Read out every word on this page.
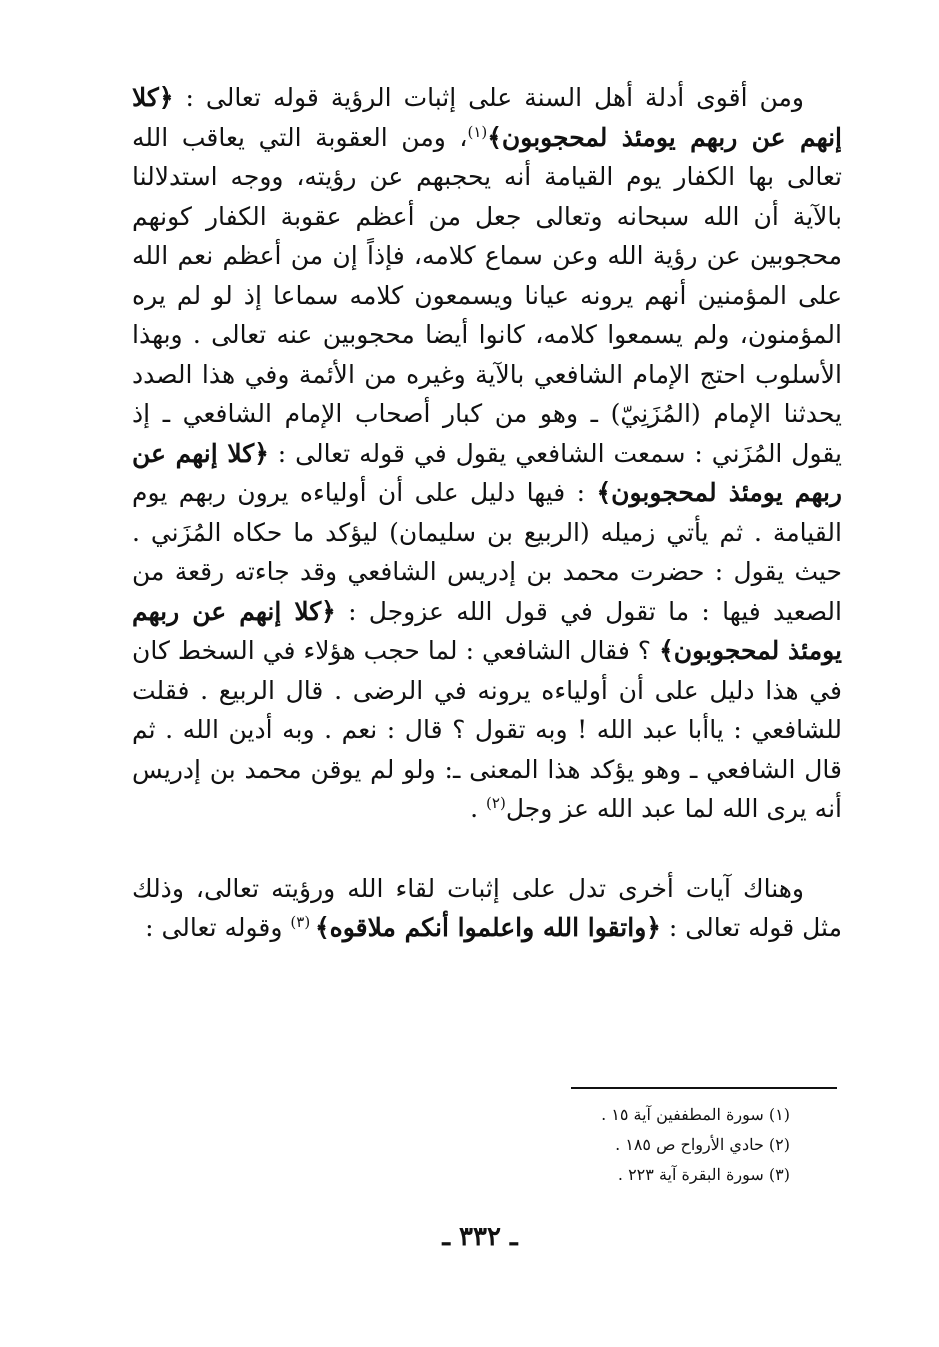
ومن أقوى أدلة أهل السنة على إثبات الرؤية قوله تعالى : ﴿كلا إنهم عن ربهم يومئذ لمحجوبون﴾$^{(١)}$، ومن العقوبة التي يعاقب الله تعالى بها الكفار يوم القيامة أنه يحجبهم عن رؤيته، ووجه استدلالنا بالآية أن الله سبحانه وتعالى جعل من أعظم عقوبة الكفار كونهم محجوبين عن رؤية الله وعن سماع كلامه، فإذاً إن من أعظم نعم الله على المؤمنين أنهم يرونه عيانا ويسمعون كلامه سماعا إذ لو لم يره المؤمنون، ولم يسمعوا كلامه، كانوا أيضا محجوبين عنه تعالى . وبهذا الأسلوب احتج الإمام الشافعي بالآية وغيره من الأئمة وفي هذا الصدد يحدثنا الإمام (المُزَنِيّ) ـ وهو من كبار أصحاب الإمام الشافعي ـ إذ يقول المُزَني : سمعت الشافعي يقول في قوله تعالى : ﴿كلا إنهم عن ربهم يومئذ لمحجوبون﴾ : فيها دليل على أن أولياءه يرون ربهم يوم القيامة . ثم يأتي زميله (الربيع بن سليمان) ليؤكد ما حكاه المُزَني . حيث يقول : حضرت محمد بن إدريس الشافعي وقد جاءته رقعة من الصعيد فيها : ما تقول في قول الله عزوجل : ﴿كلا إنهم عن ربهم يومئذ لمحجوبون﴾ ؟ فقال الشافعي : لما حجب هؤلاء في السخط كان في هذا دليل على أن أولياءه يرونه في الرضى . قال الربيع . فقلت للشافعي : ياأبا عبد الله ! وبه تقول ؟ قال : نعم . وبه أدين الله . ثم قال الشافعي ـ وهو يؤكد هذا المعنى ـ: ولو لم يوقن محمد بن إدريس أنه يرى الله لما عبد الله عز وجل$^{(٢)}$ .

وهناك آيات أخرى تدل على إثبات لقاء الله ورؤيته تعالى، وذلك مثل قوله تعالى : ﴿واتقوا الله واعلموا أنكم ملاقوه﴾ $^{(٣)}$ وقوله تعالى :

(١) سورة المطففين آية ١٥ .
(٢) حادي الأرواح ص ١٨٥ .
(٣) سورة البقرة آية ٢٢٣ .
ـ ٣٣٢ ـ
